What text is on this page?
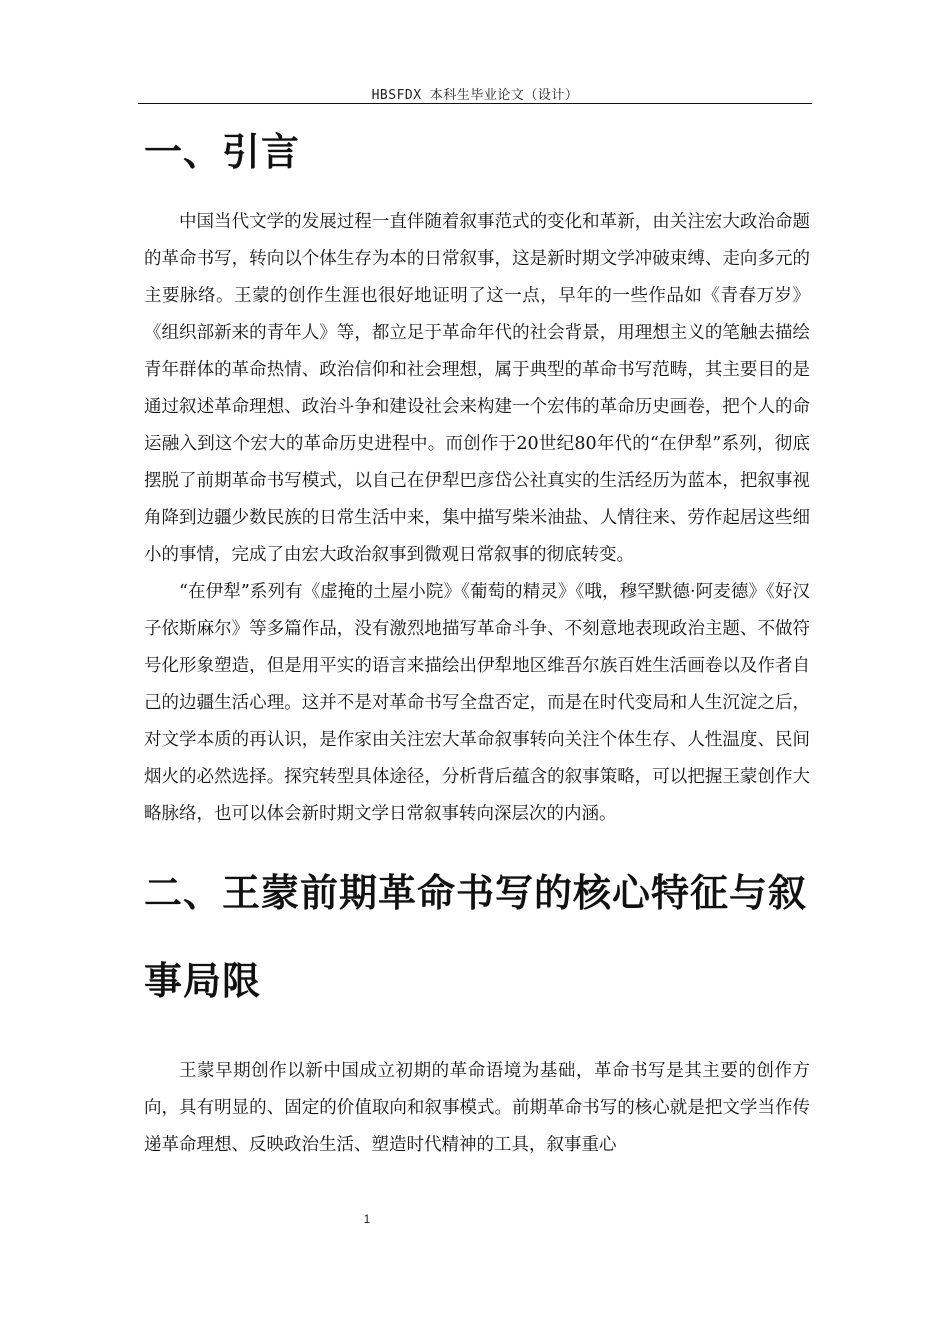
HBSFDX 本科生毕业论文（设计）
一、引言

中国当代文学的发展过程一直伴随着叙事范式的变化和革新，由关注宏大政治命题的革命书写，转向以个体生存为本的日常叙事，这是新时期文学冲破束缚、走向多元的主要脉络。王蒙的创作生涯也很好地证明了这一点，早年的一些作品如《青春万岁》《组织部新来的青年人》等，都立足于革命年代的社会背景，用理想主义的笔触去描绘青年群体的革命热情、政治信仰和社会理想，属于典型的革命书写范畴，其主要目的是通过叙述革命理想、政治斗争和建设社会来构建一个宏伟的革命历史画卷，把个人的命运融入到这个宏大的革命历史进程中。而创作于20世纪80年代的“在伊犁”系列，彻底摆脱了前期革命书写模式，以自己在伊犁巴彦岱公社真实的生活经历为蓝本，把叙事视角降到边疆少数民族的日常生活中来，集中描写柴米油盐、人情往来、劳作起居这些细小的事情，完成了由宏大政治叙事到微观日常叙事的彻底转变。

“在伊犁”系列有《虚掩的土屋小院》《葡萄的精灵》《哦，穆罕默德·阿麦德》《好汉子依斯麻尔》等多篇作品，没有激烈地描写革命斗争、不刻意地表现政治主题、不做符号化形象塑造，但是用平实的语言来描绘出伊犁地区维吾尔族百姓生活画卷以及作者自己的边疆生活心理。这并不是对革命书写全盘否定，而是在时代变局和人生沉淀之后，对文学本质的再认识，是作家由关注宏大革命叙事转向关注个体生存、人性温度、民间烟火的必然选择。探究转型具体途径，分析背后蕴含的叙事策略，可以把握王蒙创作大略脉络，也可以体会新时期文学日常叙事转向深层次的内涵。

二、王蒙前期革命书写的核心特征与叙事局限

王蒙早期创作以新中国成立初期的革命语境为基础，革命书写是其主要的创作方向，具有明显的、固定的价值取向和叙事模式。前期革命书写的核心就是把文学当作传递革命理想、反映政治生活、塑造时代精神的工具，叙事重心

1
